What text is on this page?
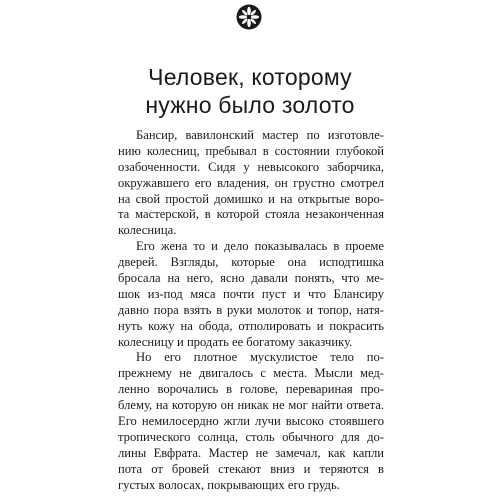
Человек, которому
нужно было золото
Бансир, вавилонский мастер по изготовле-
нию колесниц, пребывал в состоянии глубокой
озабоченности. Сидя у невысокого заборчика,
окружавшего его владения, он грустно смотрел
на свой простой домишко и на открытые воро-
та мастерской, в которой стояла незаконченная
колесница.
Его жена то и дело показывалась в проеме
дверей. Взгляды, которые она исподтишка
бросала на него, ясно давали понять, что ме-
шок из-под мяса почти пуст и что Блансиру
давно пора взять в руки молоток и топор, натя-
нуть кожу на обода, отполировать и покрасить
колесницу и продать ее богатому заказчику.
Но его плотное мускулистое тело по-
прежнему не двигалось с места. Мысли мед-
ленно ворочались в голове, перевариная про-
блему, на которую он никак не мог найти ответа.
Его немилосердно жгли лучи высоко стоявшего
тропического солнца, столь обычного для до-
лины Евфрата. Мастер не замечал, как капли
пота от бровей стекают вниз и теряются в
густых волосах, покрывающих его грудь.
